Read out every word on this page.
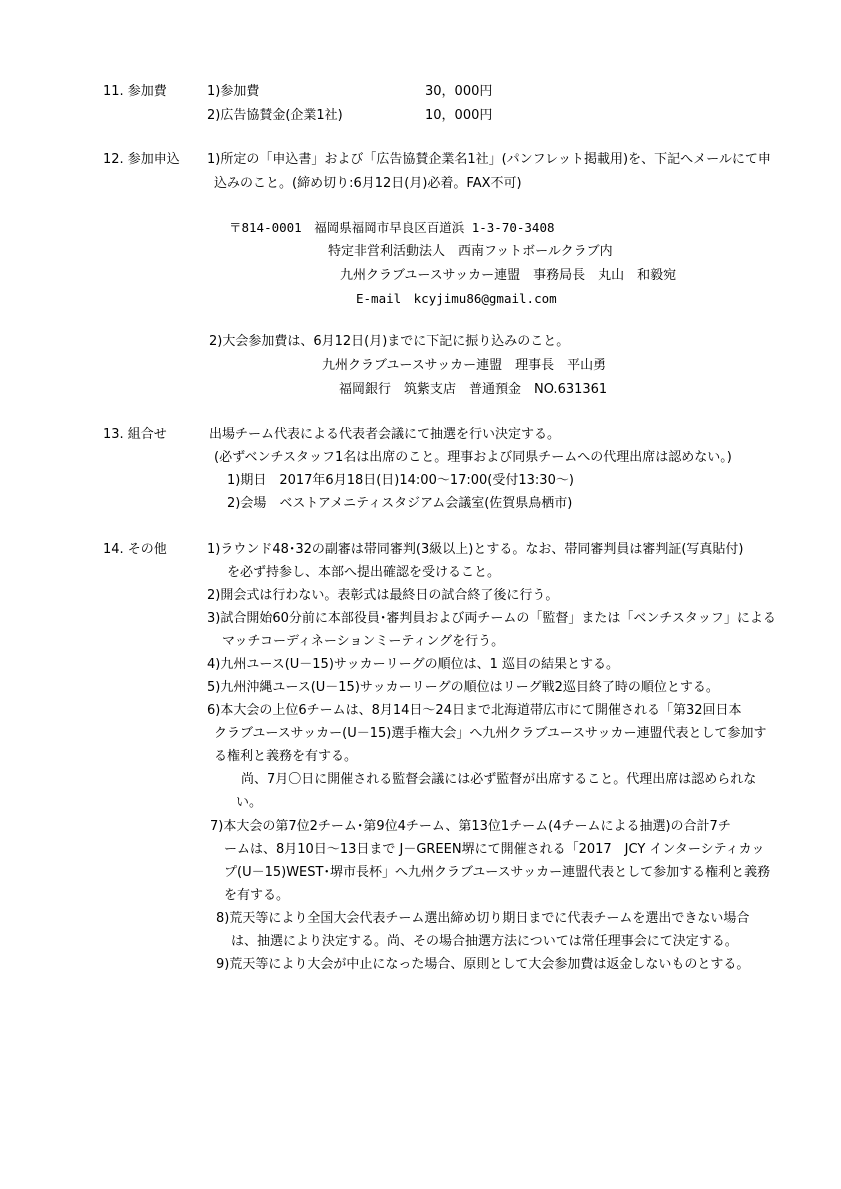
11. 参加費	1)参加費	30，000円
2)広告協賛金(企業1社)	10，000円
12. 参加申込 1)所定の「申込書」および「広告協賛企業名1社」(パンフレット掲載用)を、下記へメールにて申
込みのこと。(締め切り:6月12日(月)必着。FAX不可)
〒814-0001　福岡県福岡市早良区百道浜 1-3-70-3408
特定非営利活動法人　西南フットボールクラブ内
九州クラブユースサッカー連盟　事務局長　丸山　和毅宛
E-mail　kcyjimu86@gmail.com
2)大会参加費は、6月12日(月)までに下記に振り込みのこと。
九州クラブユースサッカー連盟　理事長　平山勇
福岡銀行　筑紫支店　普通預金　NO.631361
13. 組合せ	出場チーム代表による代表者会議にて抽選を行い決定する。
(必ずベンチスタッフ1名は出席のこと。理事および同県チームへの代理出席は認めない。)
1)期日　2017年6月18日(日)14:00～17:00(受付13:30～)
2)会場　ベストアメニティスタジアム会議室(佐賀県鳥栖市)
14. その他	1)ラウンド48･32の副審は帯同審判(3級以上)とする。なお、帯同審判員は審判証(写真貼付)
を必ず持参し、本部へ提出確認を受けること。
2)開会式は行わない。表彰式は最終日の試合終了後に行う。
3)試合開始60分前に本部役員･審判員および両チームの「監督」または「ベンチスタッフ」による
マッチコーディネーションミーティングを行う。
4)九州ユース(U－15)サッカーリーグの順位は、1 巡目の結果とする。
5)九州沖縄ユース(U－15)サッカーリーグの順位はリーグ戦2巡目終了時の順位とする。
6)本大会の上位6チームは、8月14日～24日まで北海道帯広市にて開催される「第32回日本
クラブユースサッカー(U－15)選手権大会」へ九州クラブユースサッカー連盟代表として参加す
る権利と義務を有する。
尚、7月〇日に開催される監督会議には必ず監督が出席すること。代理出席は認められな
い。
7)本大会の第7位2チーム･第9位4チーム、第13位1チーム(4チームによる抽選)の合計7チ
ームは、8月10日～13日まで J－GREEN堺にて開催される「2017　JCY インターシティカッ
プ(U－15)WEST･堺市長杯」へ九州クラブユースサッカー連盟代表として参加する権利と義務
を有する。
8)荒天等により全国大会代表チーム選出締め切り期日までに代表チームを選出できない場合
は、抽選により決定する。尚、その場合抽選方法については常任理事会にて決定する。
9)荒天等により大会が中止になった場合、原則として大会参加費は返金しないものとする。
